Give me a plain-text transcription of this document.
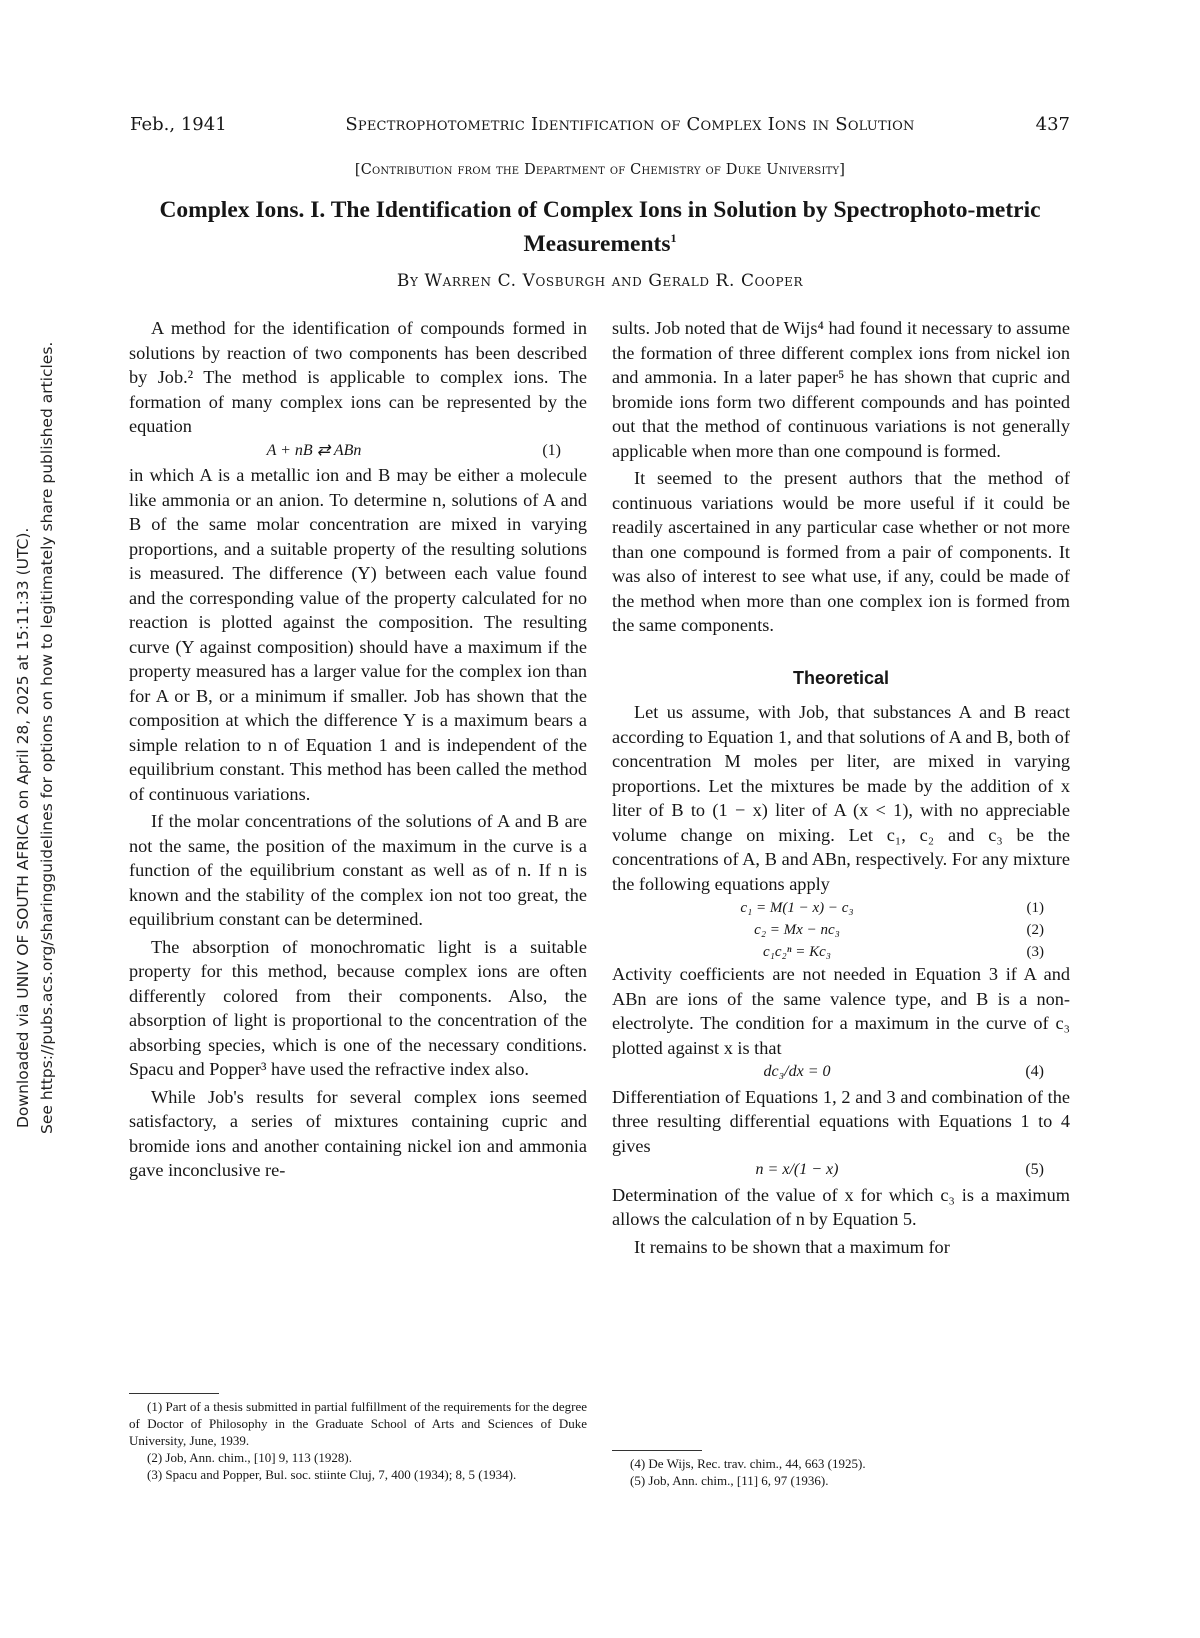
Downloaded via UNIV OF SOUTH AFRICA on April 28, 2025 at 15:11:33 (UTC). See https://pubs.acs.org/sharingguidelines for options on how to legitimately share published articles.
Feb., 1941	Spectrophotometric Identification of Complex Ions in Solution	437
[Contribution from the Department of Chemistry of Duke University]
Complex Ions. I. The Identification of Complex Ions in Solution by Spectrophoto-metric Measurements$^1$
By Warren C. Vosburgh and Gerald R. Cooper

A method for the identification of compounds formed in solutions by reaction of two components has been described by Job.² The method is applicable to complex ions. The formation of many complex ions can be represented by the equation

A + nB ⇄ ABn	(1)

in which A is a metallic ion and B may be either a molecule like ammonia or an anion. To determine n, solutions of A and B of the same molar concentration are mixed in varying proportions, and a suitable property of the resulting solutions is measured. The difference (Y) between each value found and the corresponding value of the property calculated for no reaction is plotted against the composition. The resulting curve (Y against composition) should have a maximum if the property measured has a larger value for the complex ion than for A or B, or a minimum if smaller. Job has shown that the composition at which the difference Y is a maximum bears a simple relation to n of Equation 1 and is independent of the equilibrium constant. This method has been called the method of continuous variations.

If the molar concentrations of the solutions of A and B are not the same, the position of the maximum in the curve is a function of the equilibrium constant as well as of n. If n is known and the stability of the complex ion not too great, the equilibrium constant can be determined.

The absorption of monochromatic light is a suitable property for this method, because complex ions are often differently colored from their components. Also, the absorption of light is proportional to the concentration of the absorbing species, which is one of the necessary conditions. Spacu and Popper³ have used the refractive index also.

While Job's results for several complex ions seemed satisfactory, a series of mixtures containing cupric and bromide ions and another containing nickel ion and ammonia gave inconclusive re-

(1) Part of a thesis submitted in partial fulfillment of the requirements for the degree of Doctor of Philosophy in the Graduate School of Arts and Sciences of Duke University, June, 1939.

(2) Job, Ann. chim., [10] 9, 113 (1928).

(3) Spacu and Popper, Bul. soc. stiinte Cluj, 7, 400 (1934); 8, 5 (1934).

sults. Job noted that de Wijs⁴ had found it necessary to assume the formation of three different complex ions from nickel ion and ammonia. In a later paper⁵ he has shown that cupric and bromide ions form two different compounds and has pointed out that the method of continuous variations is not generally applicable when more than one compound is formed.

It seemed to the present authors that the method of continuous variations would be more useful if it could be readily ascertained in any particular case whether or not more than one compound is formed from a pair of components. It was also of interest to see what use, if any, could be made of the method when more than one complex ion is formed from the same components.

Theoretical

Let us assume, with Job, that substances A and B react according to Equation 1, and that solutions of A and B, both of concentration M moles per liter, are mixed in varying proportions. Let the mixtures be made by the addition of x liter of B to (1 − x) liter of A (x < 1), with no appreciable volume change on mixing. Let c₁, c₂ and c₃ be the concentrations of A, B and ABn, respectively. For any mixture the following equations apply

c₁ = M(1 − x) − c₃	(1)
c₂ = Mx − nc₃	(2)
c₁c₂ⁿ = Kc₃	(3)

Activity coefficients are not needed in Equation 3 if A and ABn are ions of the same valence type, and B is a non-electrolyte. The condition for a maximum in the curve of c₃ plotted against x is that

dc₃/dx = 0	(4)

Differentiation of Equations 1, 2 and 3 and combination of the three resulting differential equations with Equations 1 to 4 gives

n = x/(1 − x)	(5)

Determination of the value of x for which c₃ is a maximum allows the calculation of n by Equation 5.

It remains to be shown that a maximum for

(4) De Wijs, Rec. trav. chim., 44, 663 (1925).

(5) Job, Ann. chim., [11] 6, 97 (1936).
